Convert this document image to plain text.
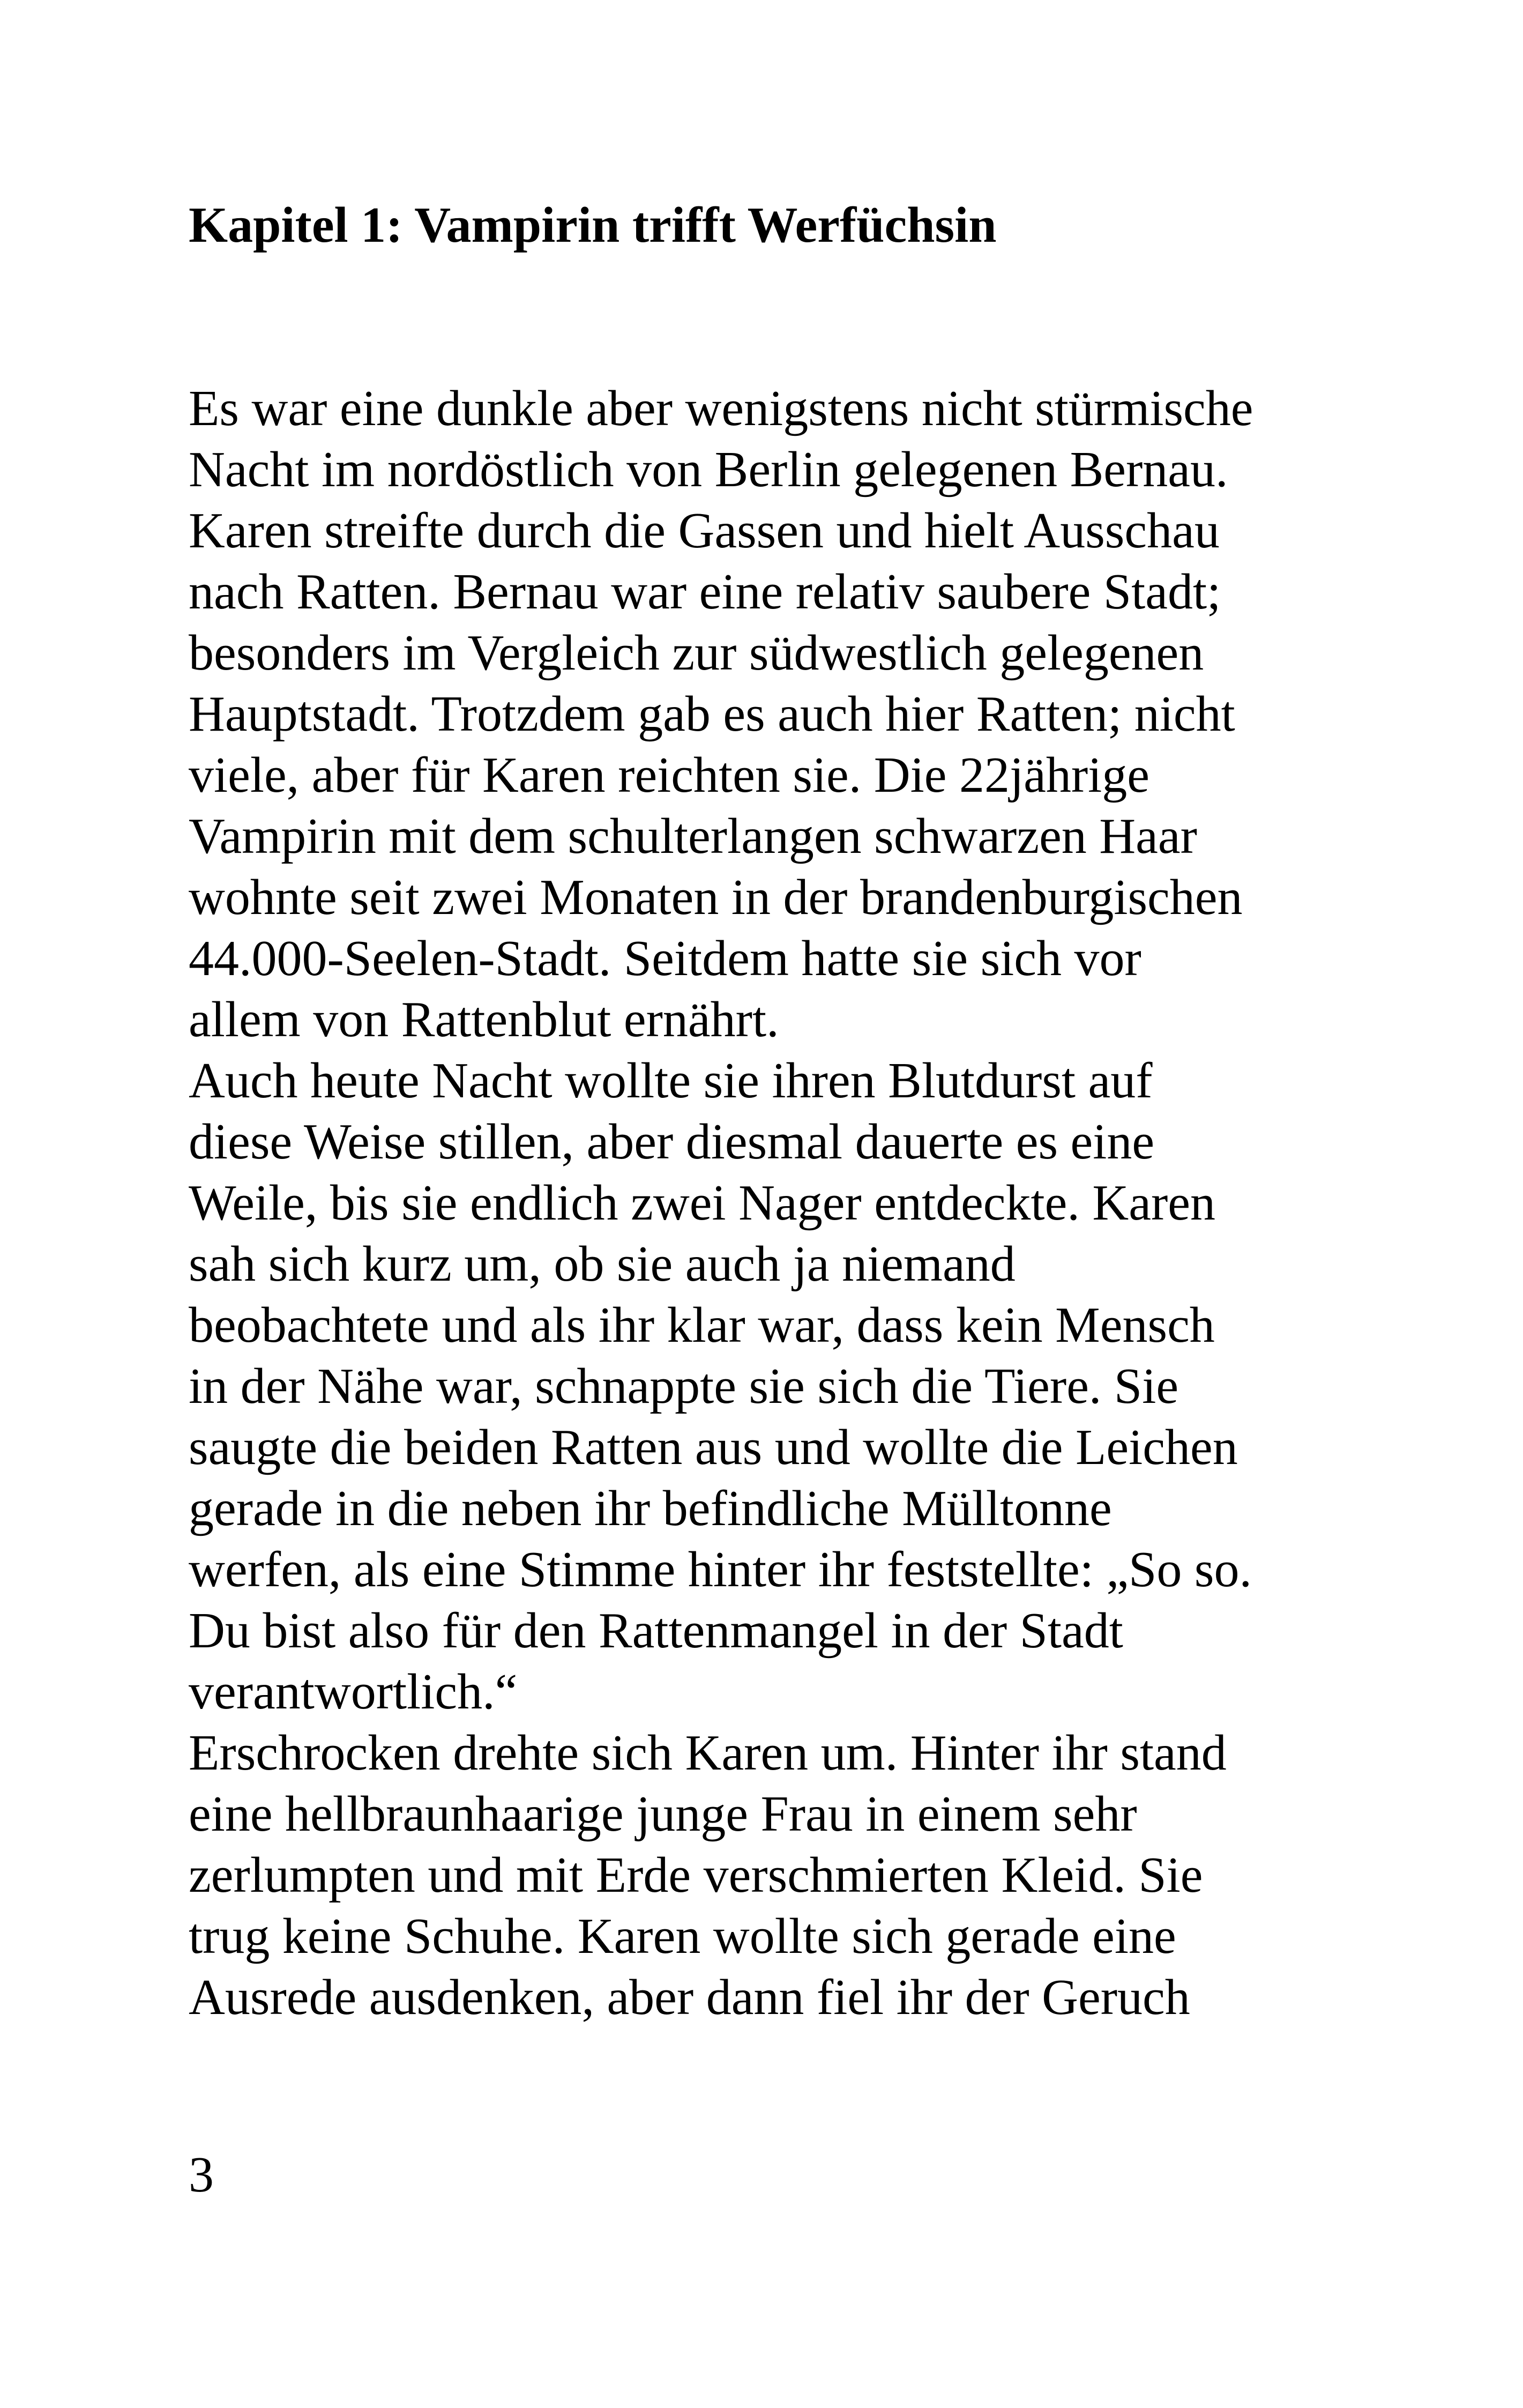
Kapitel 1: Vampirin trifft Werfüchsin
Es war eine dunkle aber wenigstens nicht stürmische
Nacht im nordöstlich von Berlin gelegenen Bernau.
Karen streifte durch die Gassen und hielt Ausschau
nach Ratten. Bernau war eine relativ saubere Stadt;
besonders im Vergleich zur südwestlich gelegenen
Hauptstadt. Trotzdem gab es auch hier Ratten; nicht
viele, aber für Karen reichten sie. Die 22jährige
Vampirin mit dem schulterlangen schwarzen Haar
wohnte seit zwei Monaten in der brandenburgischen
44.000-Seelen-Stadt. Seitdem hatte sie sich vor
allem von Rattenblut ernährt.
Auch heute Nacht wollte sie ihren Blutdurst auf
diese Weise stillen, aber diesmal dauerte es eine
Weile, bis sie endlich zwei Nager entdeckte. Karen
sah sich kurz um, ob sie auch ja niemand
beobachtete und als ihr klar war, dass kein Mensch
in der Nähe war, schnappte sie sich die Tiere. Sie
saugte die beiden Ratten aus und wollte die Leichen
gerade in die neben ihr befindliche Mülltonne
werfen, als eine Stimme hinter ihr feststellte: „So so.
Du bist also für den Rattenmangel in der Stadt
verantwortlich.“
Erschrocken drehte sich Karen um. Hinter ihr stand
eine hellbraunhaarige junge Frau in einem sehr
zerlumpten und mit Erde verschmierten Kleid. Sie
trug keine Schuhe. Karen wollte sich gerade eine
Ausrede ausdenken, aber dann fiel ihr der Geruch
3
